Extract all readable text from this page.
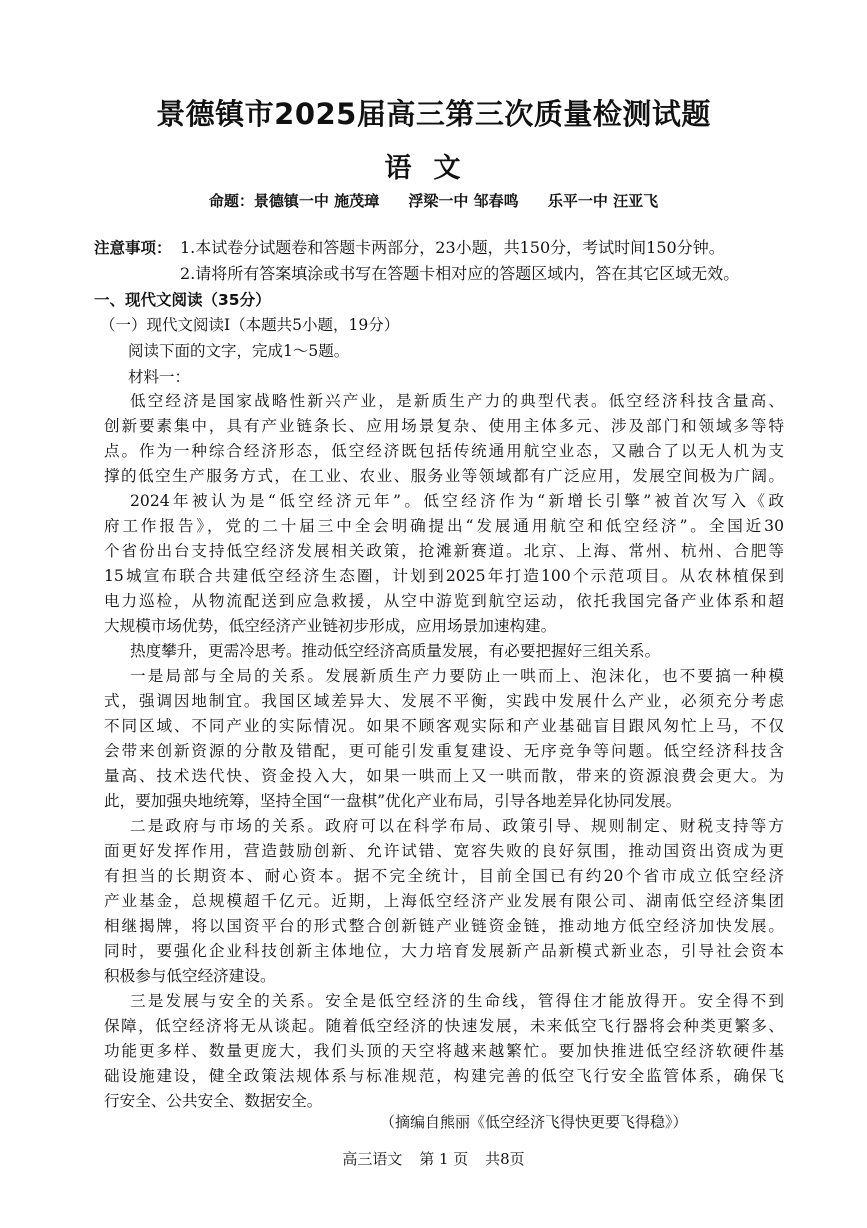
景德镇市2025届高三第三次质量检测试题
语文
命题：景德镇一中 施茂璋 浮梁一中 邹春鸣 乐平一中 汪亚飞
注意事项： 1.本试卷分试题卷和答题卡两部分，23小题，共150分，考试时间150分钟。
2.请将所有答案填涂或书写在答题卡相对应的答题区域内，答在其它区域无效。
一、现代文阅读（35分）
（一）现代文阅读Ⅰ（本题共5小题，19分）
阅读下面的文字，完成1～5题。
材料一：
低空经济是国家战略性新兴产业，是新质生产力的典型代表。低空经济科技含量高、
创新要素集中，具有产业链条长、应用场景复杂、使用主体多元、涉及部门和领域多等特
点。作为一种综合经济形态，低空经济既包括传统通用航空业态，又融合了以无人机为支
撑的低空生产服务方式，在工业、农业、服务业等领域都有广泛应用，发展空间极为广阔。
2024年被认为是“低空经济元年”。低空经济作为“新增长引擎”被首次写入《政
府工作报告》，党的二十届三中全会明确提出“发展通用航空和低空经济”。全国近30
个省份出台支持低空经济发展相关政策，抢滩新赛道。北京、上海、常州、杭州、合肥等
15城宣布联合共建低空经济生态圈，计划到2025年打造100个示范项目。从农林植保到
电力巡检，从物流配送到应急救援，从空中游览到航空运动，依托我国完备产业体系和超
大规模市场优势，低空经济产业链初步形成，应用场景加速构建。
热度攀升，更需冷思考。推动低空经济高质量发展，有必要把握好三组关系。
一是局部与全局的关系。发展新质生产力要防止一哄而上、泡沫化，也不要搞一种模
式，强调因地制宜。我国区域差异大、发展不平衡，实践中发展什么产业，必须充分考虑
不同区域、不同产业的实际情况。如果不顾客观实际和产业基础盲目跟风匆忙上马，不仅
会带来创新资源的分散及错配，更可能引发重复建设、无序竞争等问题。低空经济科技含
量高、技术迭代快、资金投入大，如果一哄而上又一哄而散，带来的资源浪费会更大。为
此，要加强央地统筹，坚持全国“一盘棋”优化产业布局，引导各地差异化协同发展。
二是政府与市场的关系。政府可以在科学布局、政策引导、规则制定、财税支持等方
面更好发挥作用，营造鼓励创新、允许试错、宽容失败的良好氛围，推动国资出资成为更
有担当的长期资本、耐心资本。据不完全统计，目前全国已有约20个省市成立低空经济
产业基金，总规模超千亿元。近期，上海低空经济产业发展有限公司、湖南低空经济集团
相继揭牌，将以国资平台的形式整合创新链产业链资金链，推动地方低空经济加快发展。
同时，要强化企业科技创新主体地位，大力培育发展新产品新模式新业态，引导社会资本
积极参与低空经济建设。
三是发展与安全的关系。安全是低空经济的生命线，管得住才能放得开。安全得不到
保障，低空经济将无从谈起。随着低空经济的快速发展，未来低空飞行器将会种类更繁多、
功能更多样、数量更庞大，我们头顶的天空将越来越繁忙。要加快推进低空经济软硬件基
础设施建设，健全政策法规体系与标准规范，构建完善的低空飞行安全监管体系，确保飞
行安全、公共安全、数据安全。
（摘编自熊丽《低空经济飞得快更要飞得稳》）
高三语文 第 1 页 共8页
